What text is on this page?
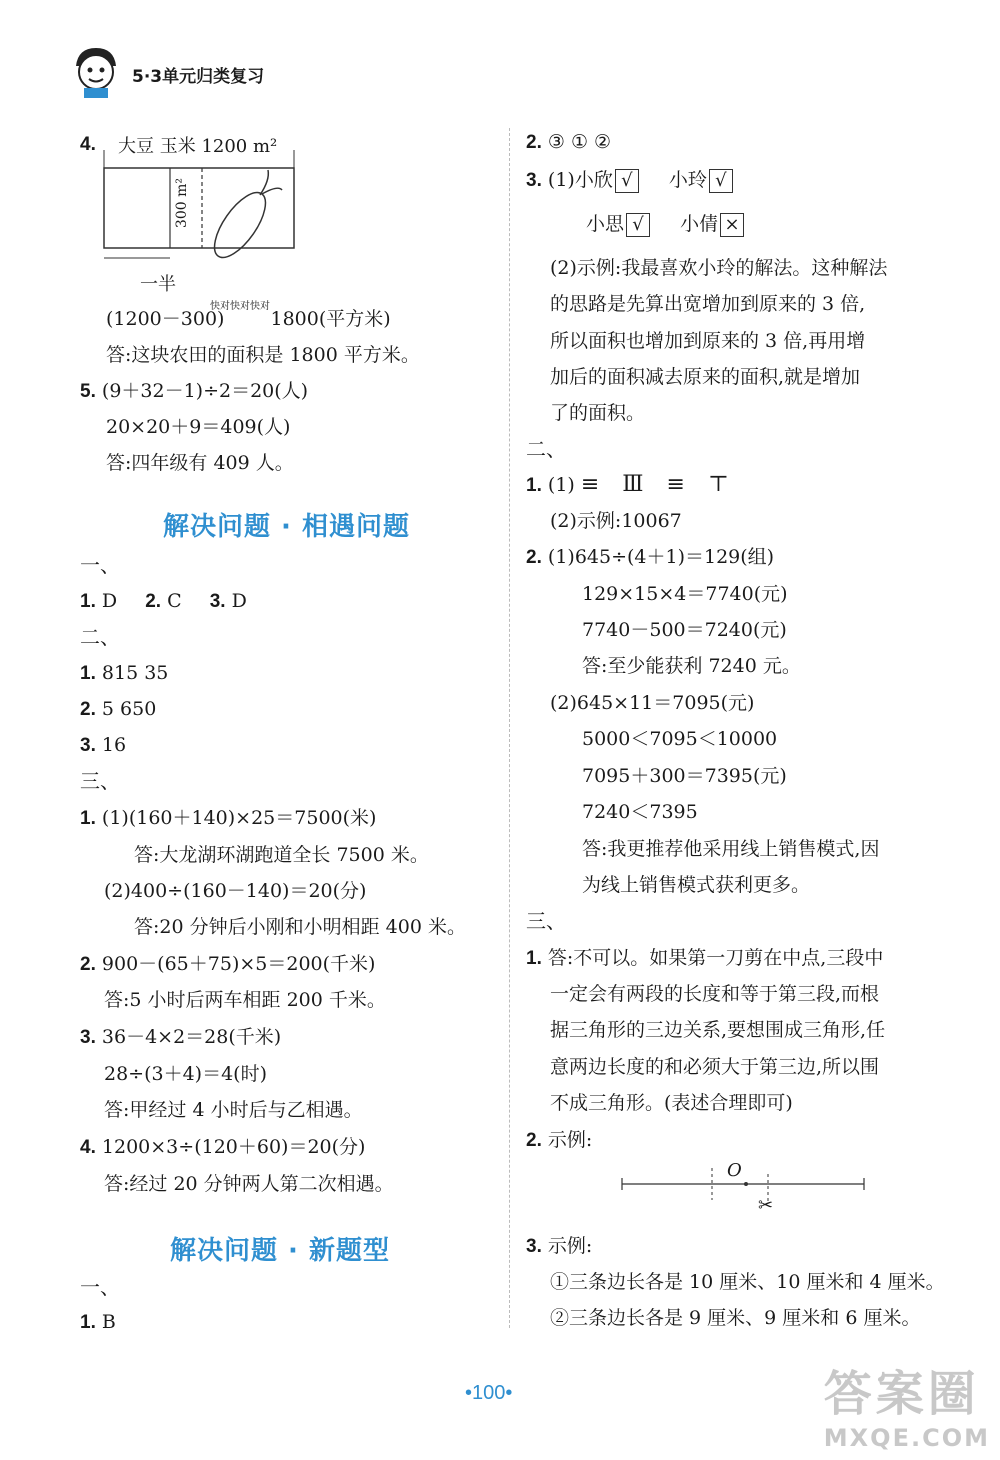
5·3单元归类复习
4. 大豆 玉米 1200 m²
300 m²
一半
快对快对快对
(1200－300) 1800(平方米)
答:这块农田的面积是 1800 平方米。
5. (9＋32－1)÷2＝20(人)
20×20＋9＝409(人)
答:四年级有 409 人。
解决问题 · 相遇问题
一、
1. D 2. C 3. D
二、
1. 815 35
2. 5 650
3. 16
三、
1. (1)(160＋140)×25＝7500(米)
答:大龙湖环湖跑道全长 7500 米。
(2)400÷(160－140)＝20(分)
答:20 分钟后小刚和小明相距 400 米。
2. 900－(65＋75)×5＝200(千米)
答:5 小时后两车相距 200 千米。
3. 36－4×2＝28(千米)
28÷(3＋4)＝4(时)
答:甲经过 4 小时后与乙相遇。
4. 1200×3÷(120＋60)＝20(分)
答:经过 20 分钟两人第二次相遇。
解决问题 · 新题型
一、
1. B
2. ③ ① ②
3. (1)小欣 √ 小玲 √
小思 √ 小倩 ×
(2)示例:我最喜欢小玲的解法。这种解法
的思路是先算出宽增加到原来的 3 倍,
所以面积也增加到原来的 3 倍,再用增
加后的面积减去原来的面积,就是增加
了的面积。
二、
1. (1) ≡ Ⅲ ≡ ⊤
(2)示例:10067
2. (1)645÷(4＋1)＝129(组)
129×15×4＝7740(元)
7740－500＝7240(元)
答:至少能获利 7240 元。
(2)645×11＝7095(元)
5000＜7095＜10000
7095＋300＝7395(元)
7240＜7395
答:我更推荐他采用线上销售模式,因
为线上销售模式获利更多。
三、
1. 答:不可以。如果第一刀剪在中点,三段中
一定会有两段的长度和等于第三段,而根
据三角形的三边关系,要想围成三角形,任
意两边长度的和必须大于第三边,所以围
不成三角形。(表述合理即可)
2. 示例:
O
✂
3. 示例:
①三条边长各是 10 厘米、10 厘米和 4 厘米。
②三条边长各是 9 厘米、9 厘米和 6 厘米。
•100•	答案圈
MXQE.COM
